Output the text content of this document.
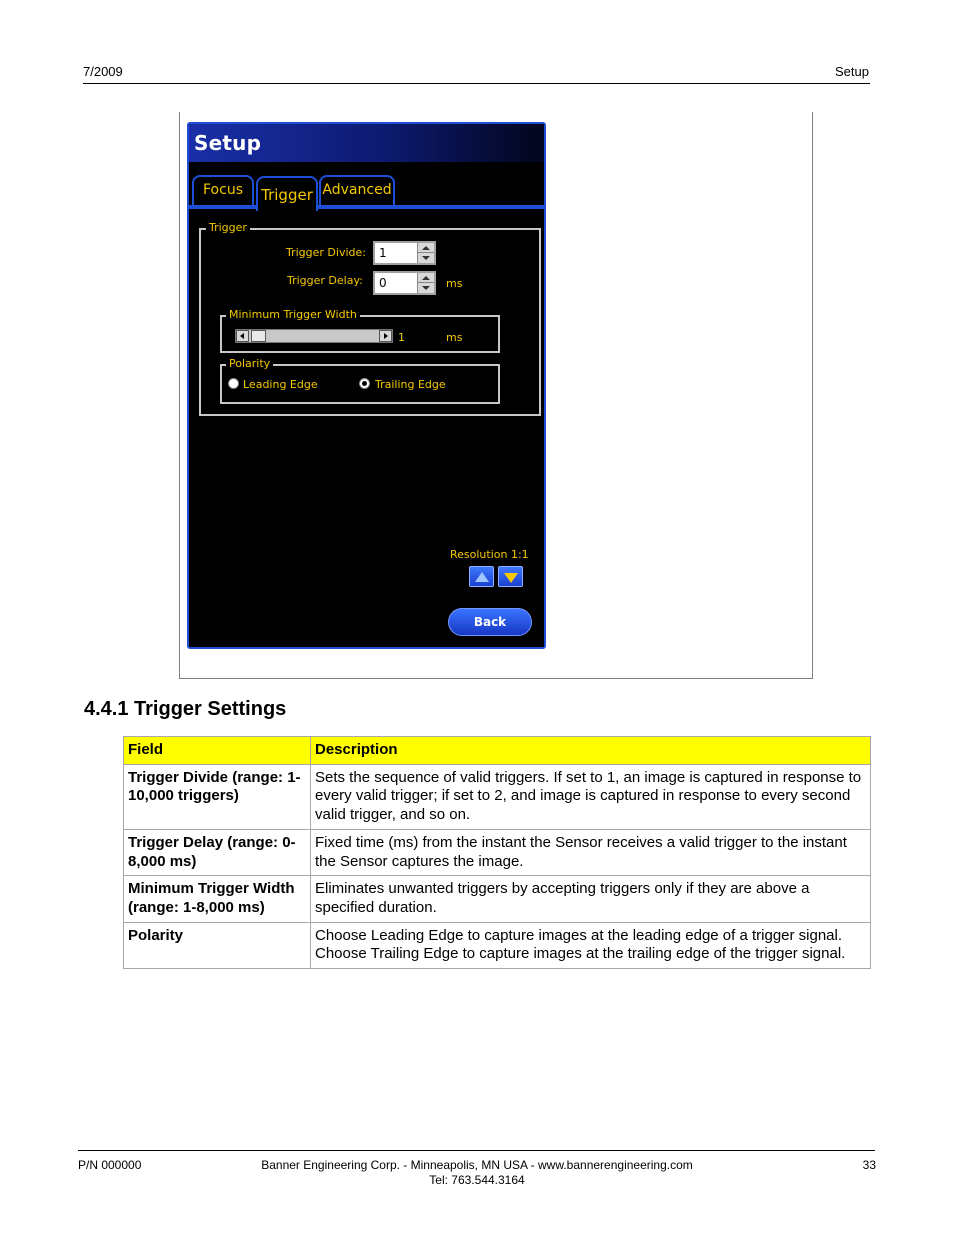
7/2009	Setup
Setup
Focus	Advanced
Trigger
Trigger
Trigger Divide: 1
Trigger Delay: 0	ms
Minimum Trigger Width
1	ms
Polarity
Leading Edge	Trailing Edge
Resolution 1:1
Back
4.4.1 Trigger Settings
Field	Description
Trigger Divide (range: 1-10,000 triggers)	Sets the sequence of valid triggers. If set to 1, an image is captured in response to every valid trigger; if set to 2, and image is captured in response to every second valid trigger, and so on.
Trigger Delay (range: 0-8,000 ms)	Fixed time (ms) from the instant the Sensor receives a valid trigger to the instant the Sensor captures the image.
Minimum Trigger Width (range: 1-8,000 ms)	Eliminates unwanted triggers by accepting triggers only if they are above a specified duration.
Polarity	Choose Leading Edge to capture images at the leading edge of a trigger signal. Choose Trailing Edge to capture images at the trailing edge of the trigger signal.
P/N 000000	Banner Engineering Corp. - Minneapolis, MN USA - www.bannerengineering.com
Tel: 763.544.3164
33
